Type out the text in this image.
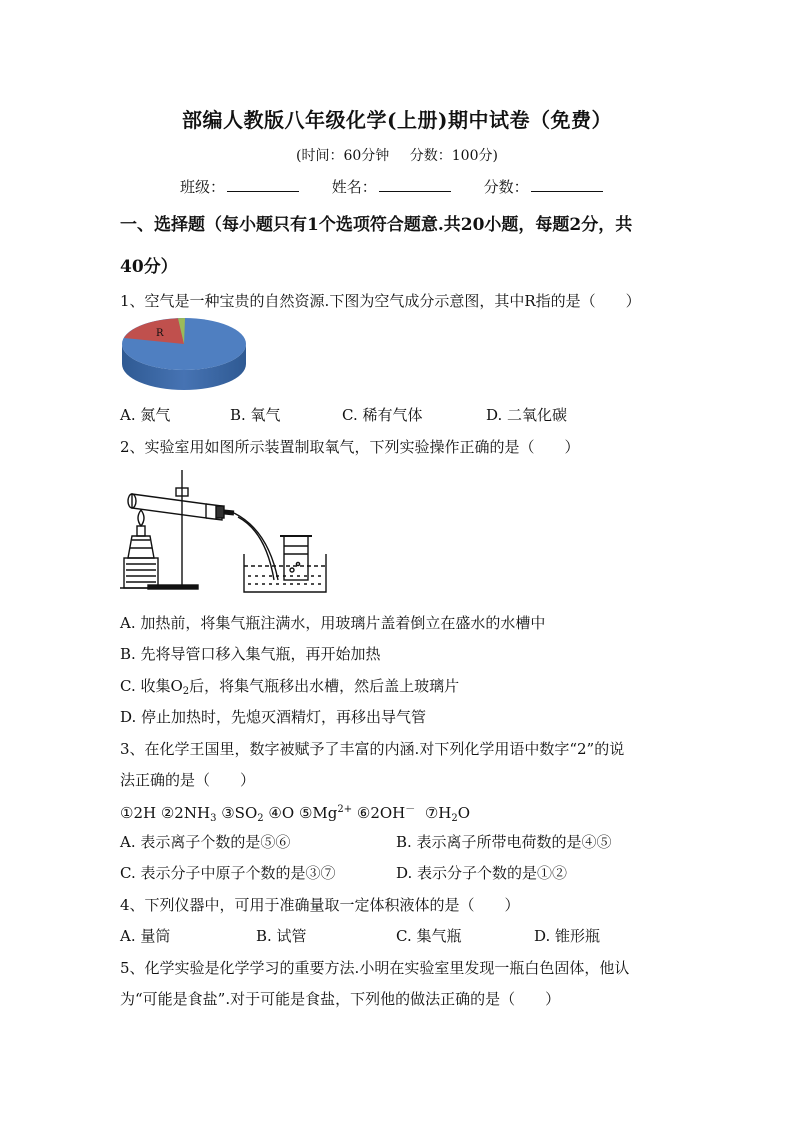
部编人教版八年级化学(上册)期中试卷（免费）
(时间：60分钟 分数：100分)
班级：	姓名：	分数：
一、选择题（每小题只有1个选项符合题意.共20小题，每题2分，共
40分）
1、空气是一种宝贵的自然资源.下图为空气成分示意图，其中R指的是（　　）
R
A. 氮气	B. 氧气	C. 稀有气体	D. 二氧化碳
2、实验室用如图所示装置制取氧气，下列实验操作正确的是（　　）
A. 加热前，将集气瓶注满水，用玻璃片盖着倒立在盛水的水槽中
B. 先将导管口移入集气瓶，再开始加热
C. 收集$O_2$后，将集气瓶移出水槽，然后盖上玻璃片
D. 停止加热时，先熄灭酒精灯，再移出导气管
3、在化学王国里，数字被赋予了丰富的内涵.对下列化学用语中数字“2”的说
法正确的是（　　）
①2H $②2NH_3$ $③SO_2$ ④O $⑤Mg^{2+}$ ⑥2OH－ $⑦H_2O$
A. 表示离子个数的是⑤⑥	B. 表示离子所带电荷数的是④⑤
C. 表示分子中原子个数的是③⑦	D. 表示分子个数的是①②
4、下列仪器中，可用于准确量取一定体积液体的是（　　）
A. 量筒	B. 试管	C. 集气瓶	D. 锥形瓶
5、化学实验是化学学习的重要方法.小明在实验室里发现一瓶白色固体，他认
为“可能是食盐”.对于可能是食盐，下列他的做法正确的是（　　）
